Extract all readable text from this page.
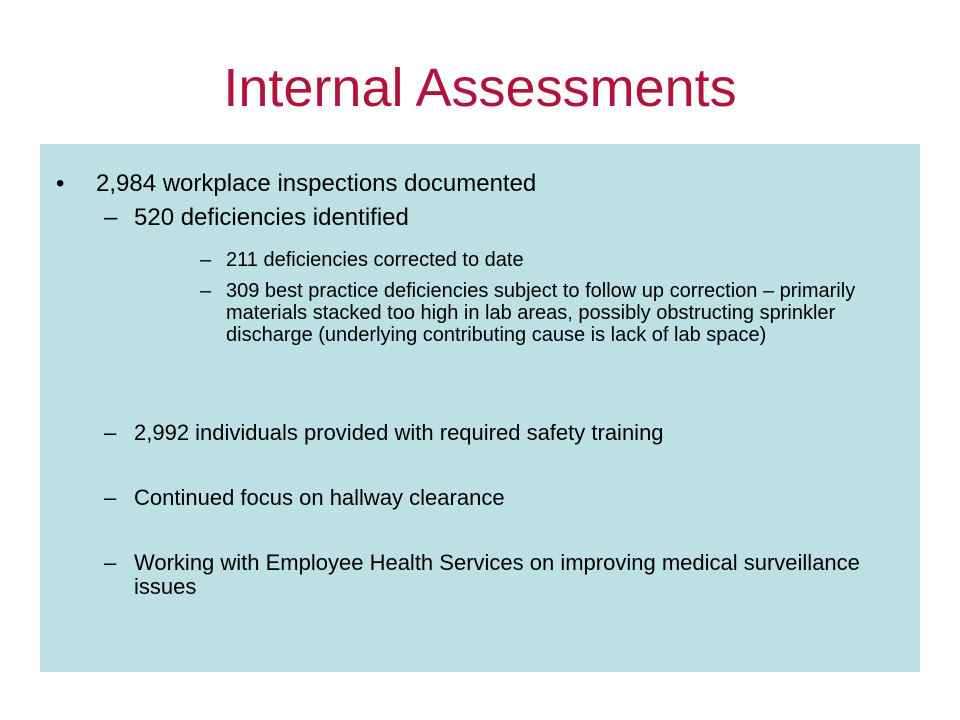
Internal Assessments
•	2,984 workplace inspections documented
– 520 deficiencies identified
– 211 deficiencies corrected to date
– 309 best practice deficiencies subject to follow up correction – primarily materials stacked too high in lab areas, possibly obstructing sprinkler discharge (underlying contributing cause is lack of lab space)
– 2,992 individuals provided with required safety training
– Continued focus on hallway clearance
– Working with Employee Health Services on improving medical surveillance issues
